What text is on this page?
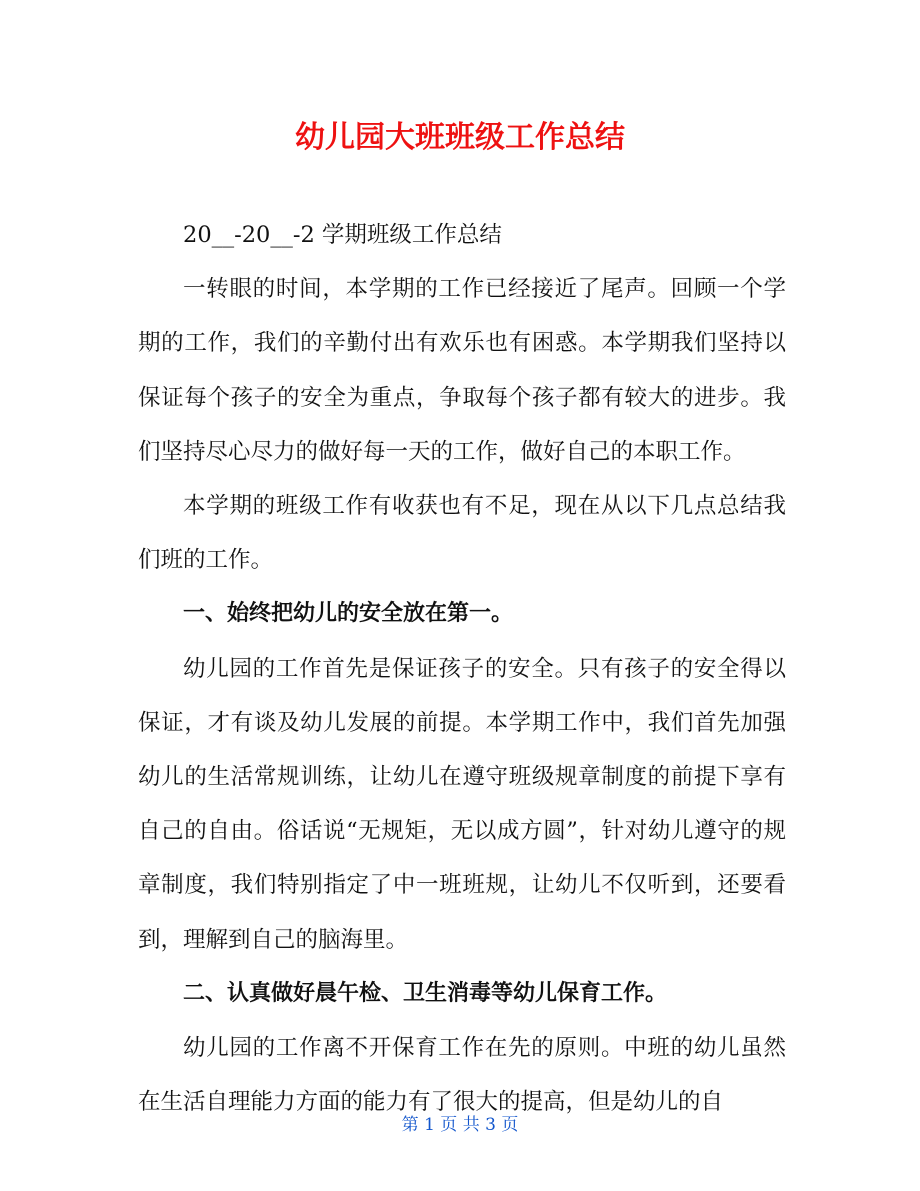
幼儿园大班班级工作总结

20__-20__-2 学期班级工作总结

一转眼的时间，本学期的工作已经接近了尾声。回顾一个学期的工作，我们的辛勤付出有欢乐也有困惑。本学期我们坚持以保证每个孩子的安全为重点，争取每个孩子都有较大的进步。我们坚持尽心尽力的做好每一天的工作，做好自己的本职工作。

本学期的班级工作有收获也有不足，现在从以下几点总结我们班的工作。

一、始终把幼儿的安全放在第一。

幼儿园的工作首先是保证孩子的安全。只有孩子的安全得以保证，才有谈及幼儿发展的前提。本学期工作中，我们首先加强幼儿的生活常规训练，让幼儿在遵守班级规章制度的前提下享有自己的自由。俗话说“无规矩，无以成方圆”，针对幼儿遵守的规章制度，我们特别指定了中一班班规，让幼儿不仅听到，还要看到，理解到自己的脑海里。

二、认真做好晨午检、卫生消毒等幼儿保育工作。

幼儿园的工作离不开保育工作在先的原则。中班的幼儿虽然在生活自理能力方面的能力有了很大的提高，但是幼儿的自

第 1 页 共 3 页
